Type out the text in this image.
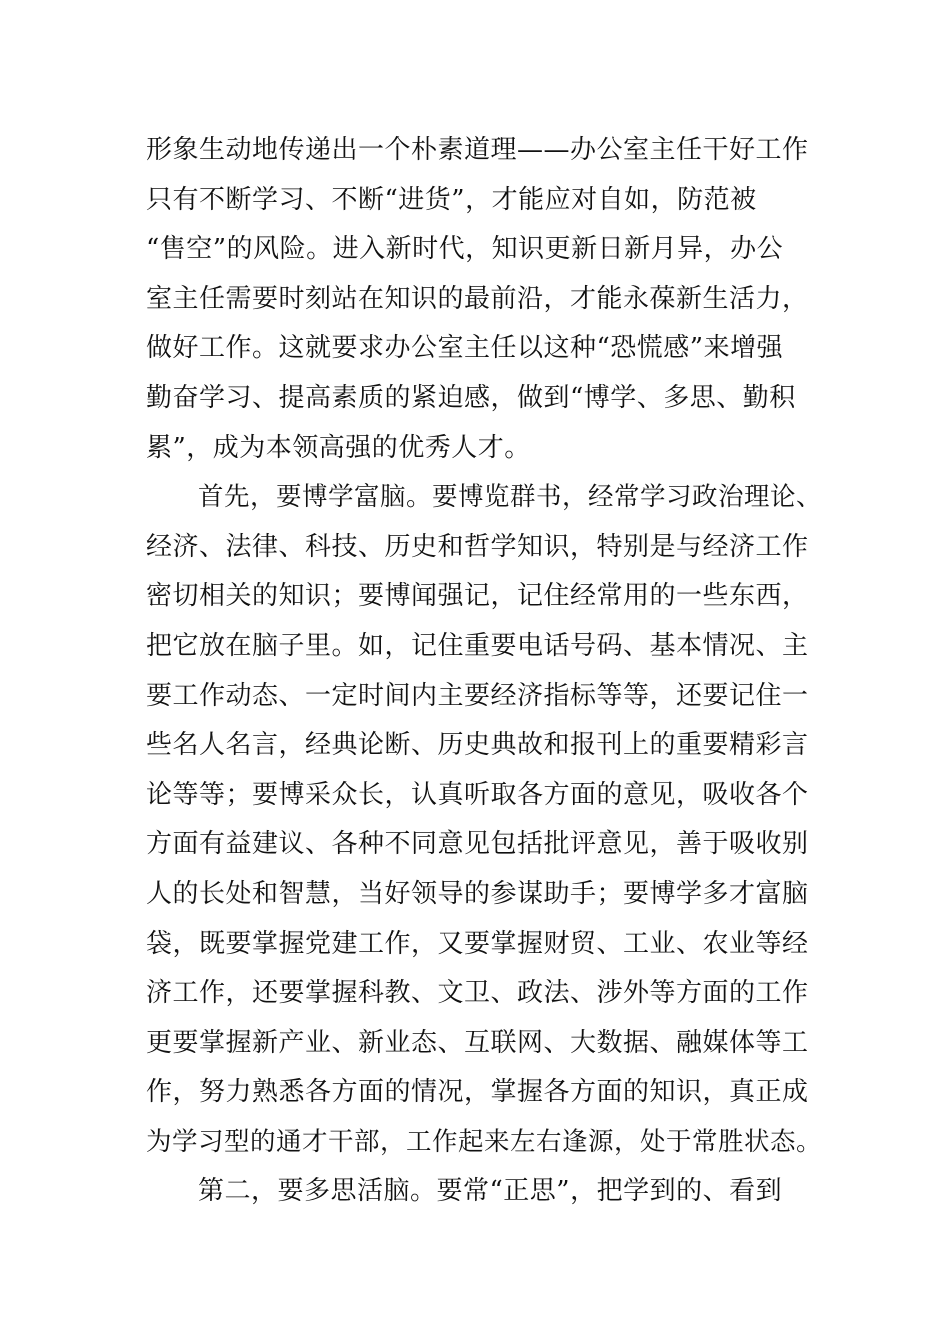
形象生动地传递出一个朴素道理——办公室主任干好工作
只有不断学习、不断“进货”，才能应对自如，防范被
“售空”的风险。进入新时代，知识更新日新月异，办公
室主任需要时刻站在知识的最前沿，才能永葆新生活力，
做好工作。这就要求办公室主任以这种“恐慌感”来增强
勤奋学习、提高素质的紧迫感，做到“博学、多思、勤积
累”，成为本领高强的优秀人才。
首先，要博学富脑。要博览群书，经常学习政治理论、
经济、法律、科技、历史和哲学知识，特别是与经济工作
密切相关的知识；要博闻强记，记住经常用的一些东西，
把它放在脑子里。如，记住重要电话号码、基本情况、主
要工作动态、一定时间内主要经济指标等等，还要记住一
些名人名言，经典论断、历史典故和报刊上的重要精彩言
论等等；要博采众长，认真听取各方面的意见，吸收各个
方面有益建议、各种不同意见包括批评意见，善于吸收别
人的长处和智慧，当好领导的参谋助手；要博学多才富脑
袋，既要掌握党建工作，又要掌握财贸、工业、农业等经
济工作，还要掌握科教、文卫、政法、涉外等方面的工作
更要掌握新产业、新业态、互联网、大数据、融媒体等工
作，努力熟悉各方面的情况，掌握各方面的知识，真正成
为学习型的通才干部，工作起来左右逢源，处于常胜状态。
第二，要多思活脑。要常“正思”，把学到的、看到
